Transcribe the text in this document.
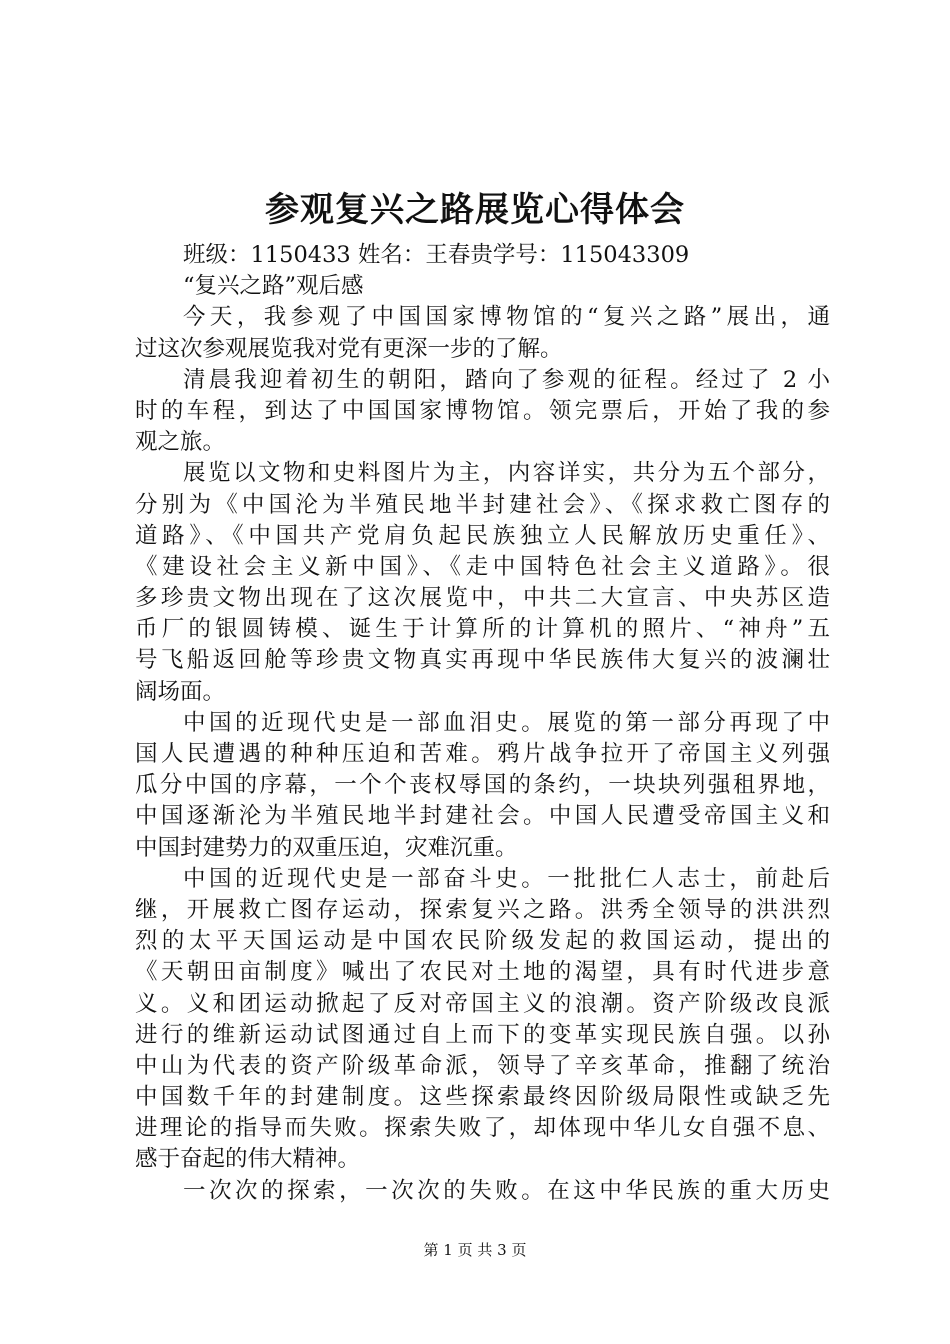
参观复兴之路展览心得体会
班级：1150433 姓名：王春贵学号：115043309
“复兴之路”观后感
今天，我参观了中国国家博物馆的“复兴之路”展出，通
过这次参观展览我对党有更深一步的了解。
清晨我迎着初生的朝阳，踏向了参观的征程。经过了 2 小
时的车程，到达了中国国家博物馆。领完票后，开始了我的参
观之旅。
展览以文物和史料图片为主，内容详实，共分为五个部分，
分别为《中国沦为半殖民地半封建社会》、《探求救亡图存的
道路》、《中国共产党肩负起民族独立人民解放历史重任》、
《建设社会主义新中国》、《走中国特色社会主义道路》。很
多珍贵文物出现在了这次展览中，中共二大宣言、中央苏区造
币厂的银圆铸模、诞生于计算所的计算机的照片、“神舟”五
号飞船返回舱等珍贵文物真实再现中华民族伟大复兴的波澜壮
阔场面。
中国的近现代史是一部血泪史。展览的第一部分再现了中
国人民遭遇的种种压迫和苦难。鸦片战争拉开了帝国主义列强
瓜分中国的序幕，一个个丧权辱国的条约，一块块列强租界地，
中国逐渐沦为半殖民地半封建社会。中国人民遭受帝国主义和
中国封建势力的双重压迫，灾难沉重。
中国的近现代史是一部奋斗史。一批批仁人志士，前赴后
继，开展救亡图存运动，探索复兴之路。洪秀全领导的洪洪烈
烈的太平天国运动是中国农民阶级发起的救国运动，提出的
《天朝田亩制度》喊出了农民对土地的渴望，具有时代进步意
义。义和团运动掀起了反对帝国主义的浪潮。资产阶级改良派
进行的维新运动试图通过自上而下的变革实现民族自强。以孙
中山为代表的资产阶级革命派，领导了辛亥革命，推翻了统治
中国数千年的封建制度。这些探索最终因阶级局限性或缺乏先
进理论的指导而失败。探索失败了，却体现中华儿女自强不息、
感于奋起的伟大精神。
一次次的探索，一次次的失败。在这中华民族的重大历史
第 1 页 共 3 页
